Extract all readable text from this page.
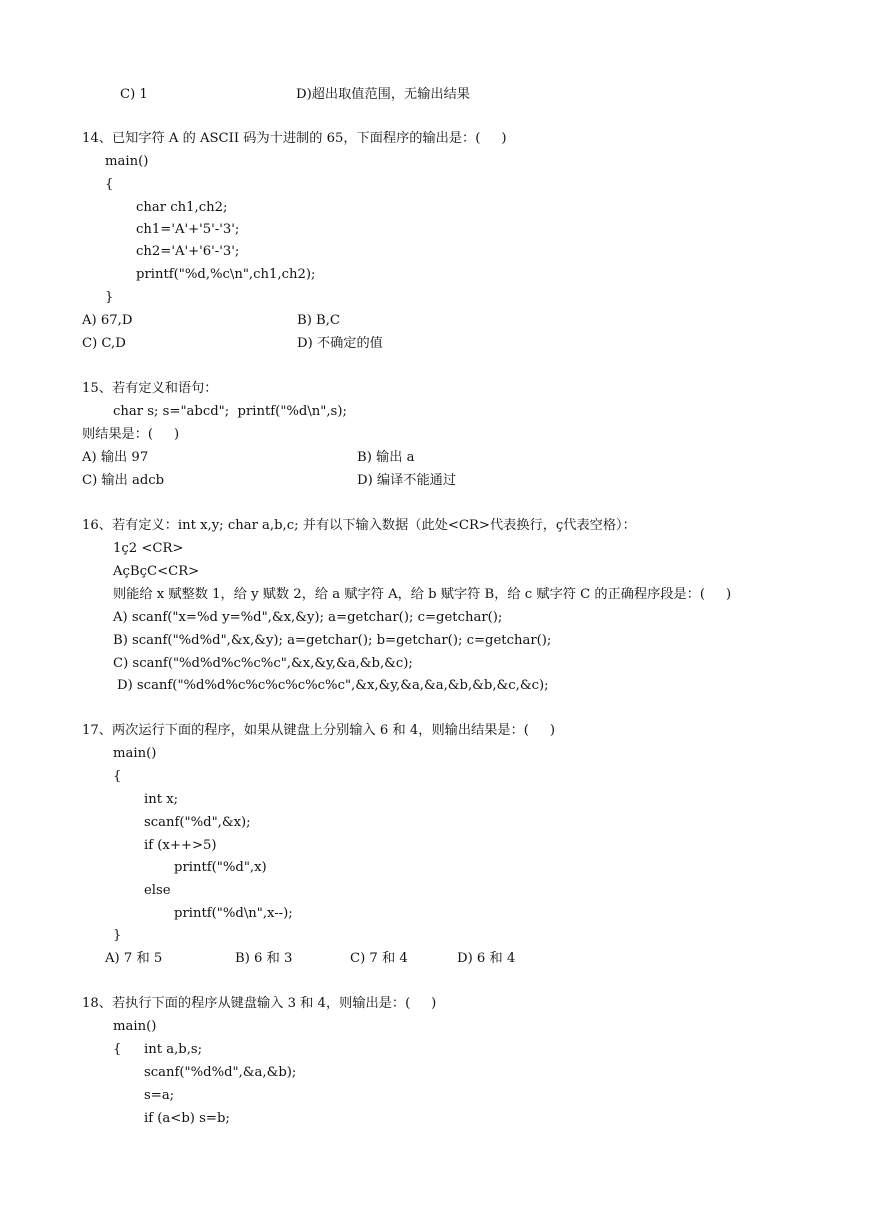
C) 1	D)超出取值范围，无输出结果
14、已知字符 A 的 ASCII 码为十进制的 65，下面程序的输出是：(     )
main()
{
char ch1,ch2;
ch1='A'+'5'-'3';
ch2='A'+'6'-'3';
printf("%d,%c\n",ch1,ch2);
}
A) 67,D	B) B,C
C) C,D	D) 不确定的值
15、若有定义和语句：
char s; s="abcd";  printf("%d\n",s);
则结果是：(     )
A) 输出 97	B) 输出 a
C) 输出 adcb	D) 编译不能通过
16、若有定义：int x,y; char a,b,c; 并有以下输入数据（此处<CR>代表换行，ç代表空格）：
1ç2 <CR>
AçBçC<CR>
则能给 x 赋整数 1，给 y 赋数 2，给 a 赋字符 A，给 b 赋字符 B，给 c 赋字符 C 的正确程序段是：(     )
A) scanf("x=%d y=%d",&x,&y); a=getchar(); c=getchar();
B) scanf("%d%d",&x,&y); a=getchar(); b=getchar(); c=getchar();
C) scanf("%d%d%c%c%c",&x,&y,&a,&b,&c);
D) scanf("%d%d%c%c%c%c%c%c",&x,&y,&a,&a,&b,&b,&c,&c);
17、两次运行下面的程序，如果从键盘上分别输入 6 和 4，则输出结果是：(     )
main()
{
int x;
scanf("%d",&x);
if (x++>5)
printf("%d",x)
else
printf("%d\n",x--);
}
A) 7 和 5	B) 6 和 3	C) 7 和 4	D) 6 和 4
18、若执行下面的程序从键盘输入 3 和 4，则输出是：(     )
main()
{ int a,b,s;
scanf("%d%d",&a,&b);
s=a;
if (a<b) s=b;
